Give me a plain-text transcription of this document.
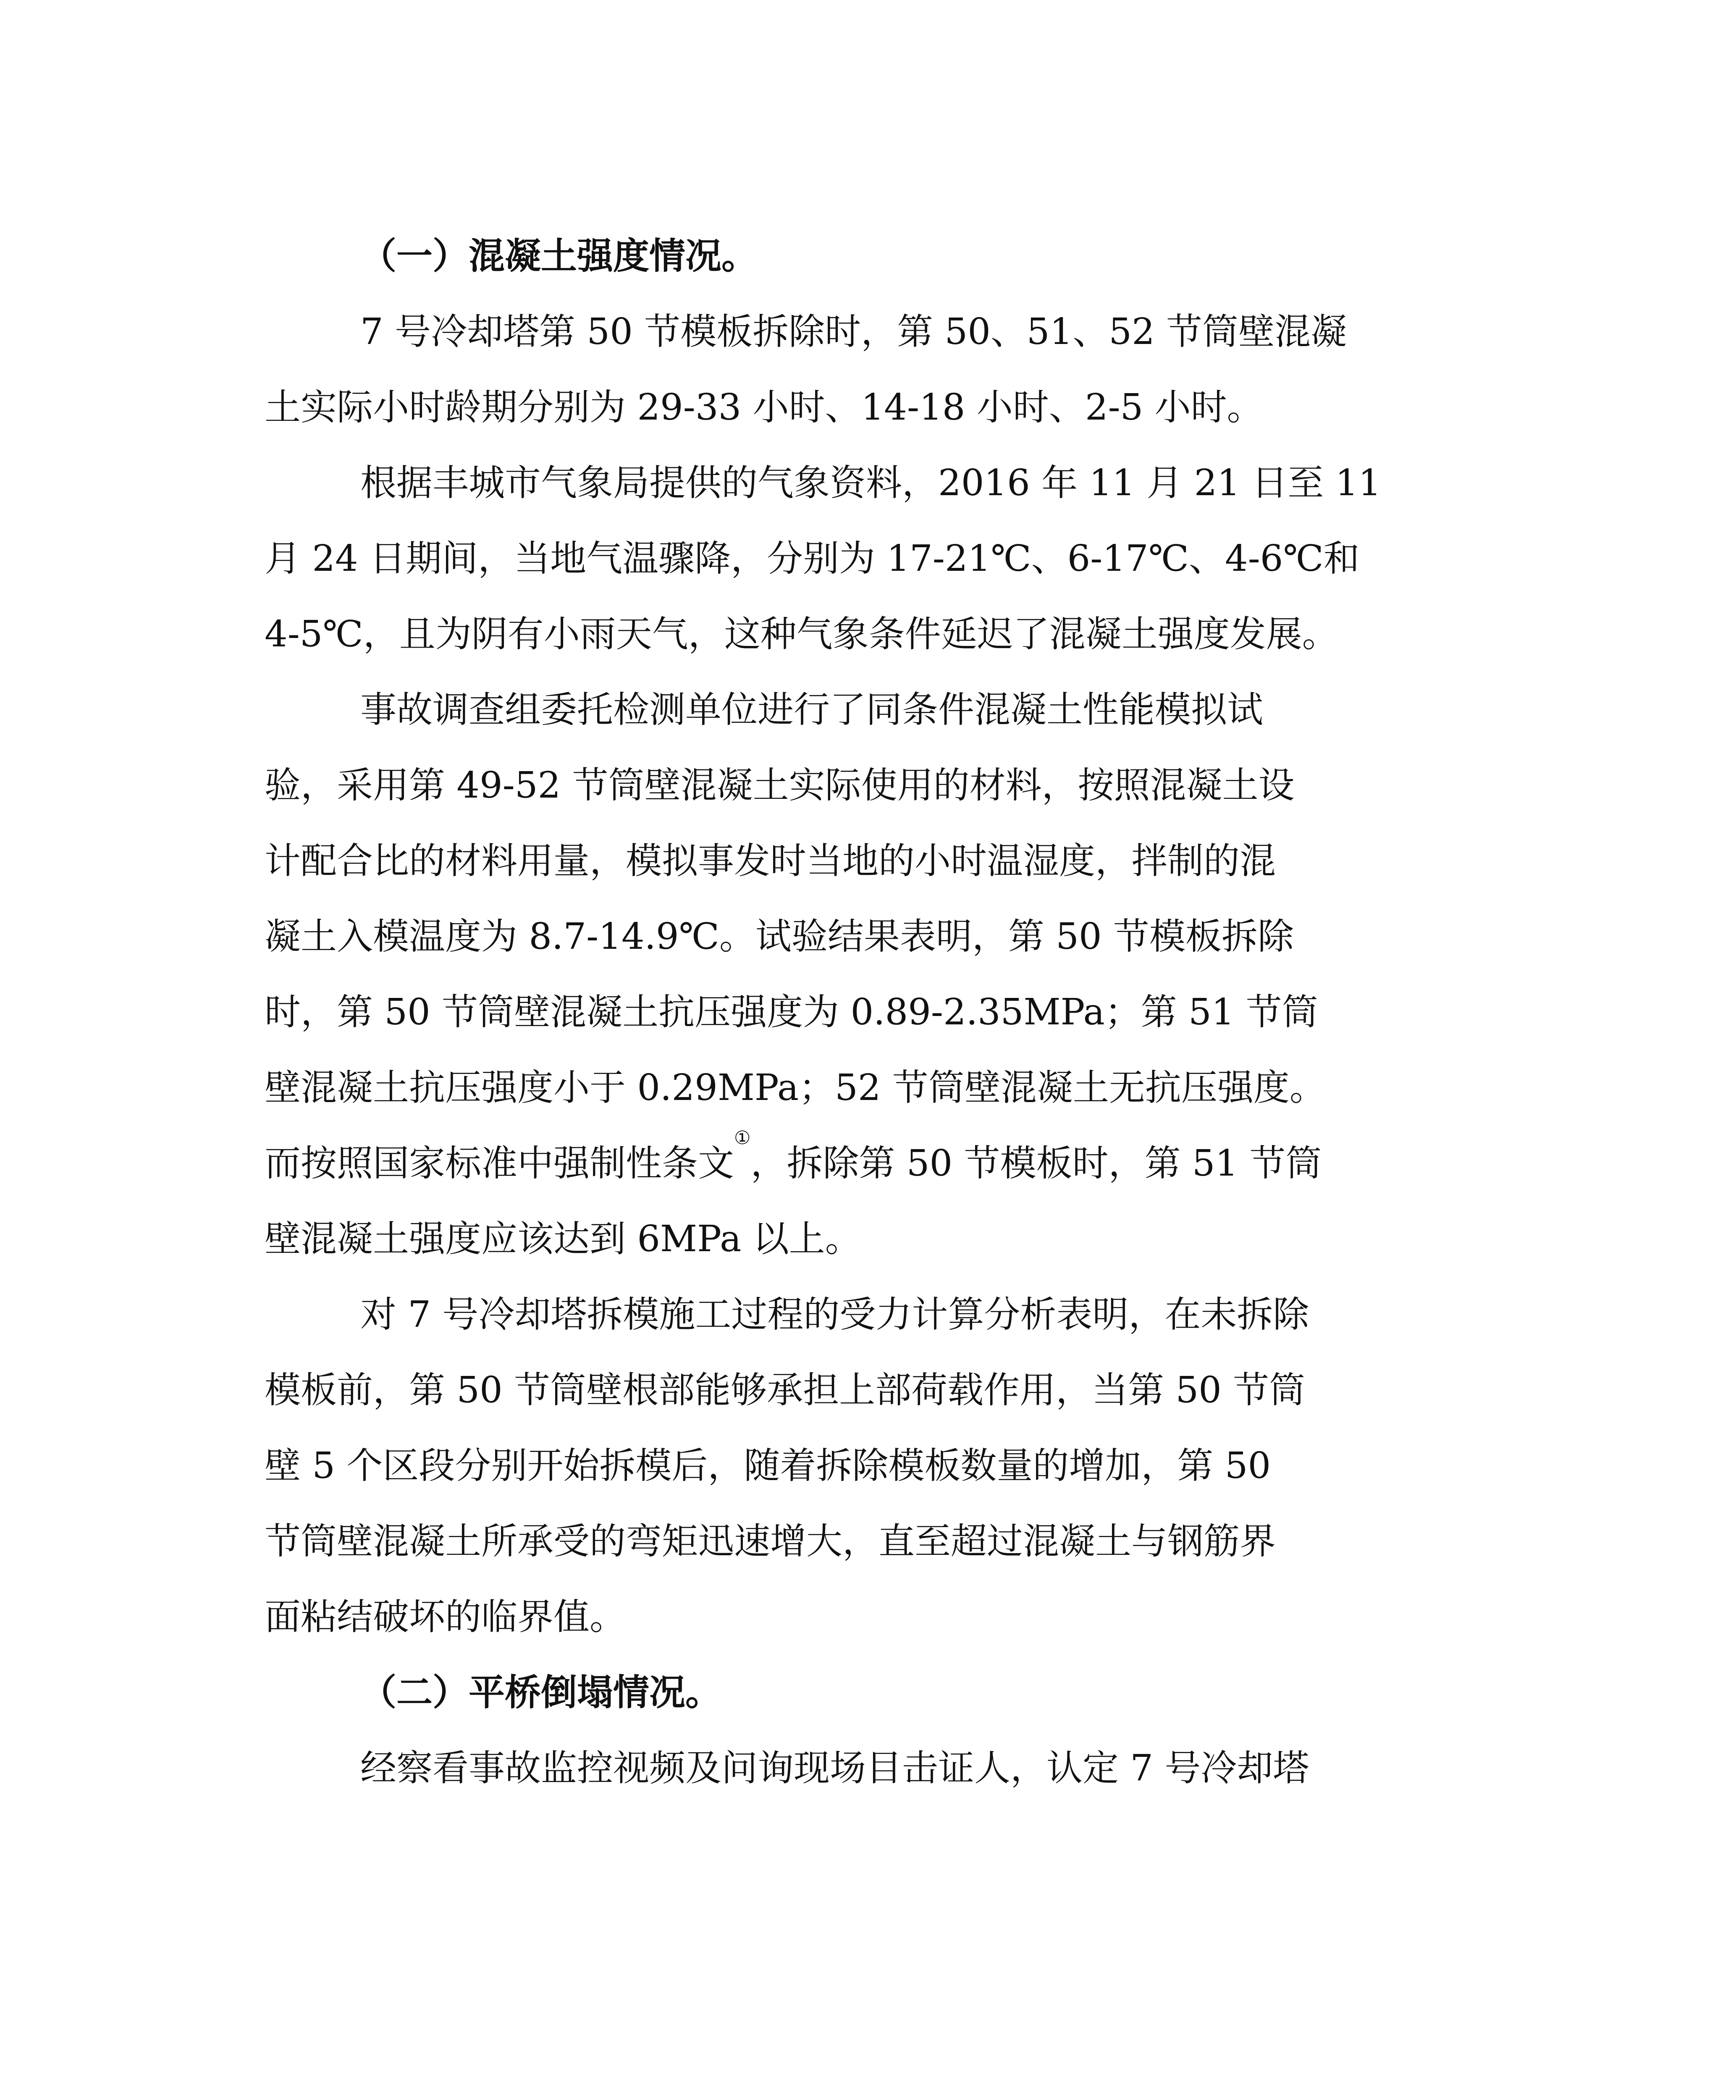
（一）混凝土强度情况。
7 号冷却塔第 50 节模板拆除时，第 50、51、52 节筒壁混凝
土实际小时龄期分别为 29-33 小时、14-18 小时、2-5 小时。
根据丰城市气象局提供的气象资料，2016 年 11 月 21 日至 11
月 24 日期间，当地气温骤降，分别为 17-21℃、6-17℃、4-6℃和
4-5℃，且为阴有小雨天气，这种气象条件延迟了混凝土强度发展。
事故调查组委托检测单位进行了同条件混凝土性能模拟试
验，采用第 49-52 节筒壁混凝土实际使用的材料，按照混凝土设
计配合比的材料用量，模拟事发时当地的小时温湿度，拌制的混
凝土入模温度为 8.7-14.9℃。试验结果表明，第 50 节模板拆除
时，第 50 节筒壁混凝土抗压强度为 0.89-2.35MPa；第 51 节筒
壁混凝土抗压强度小于 0.29MPa；52 节筒壁混凝土无抗压强度。
而按照国家标准中强制性条文①，拆除第 50 节模板时，第 51 节筒
壁混凝土强度应该达到 6MPa 以上。
对 7 号冷却塔拆模施工过程的受力计算分析表明，在未拆除
模板前，第 50 节筒壁根部能够承担上部荷载作用，当第 50 节筒
壁 5 个区段分别开始拆模后，随着拆除模板数量的增加，第 50
节筒壁混凝土所承受的弯矩迅速增大，直至超过混凝土与钢筋界
面粘结破坏的临界值。
（二）平桥倒塌情况。
经察看事故监控视频及问询现场目击证人，认定 7 号冷却塔
